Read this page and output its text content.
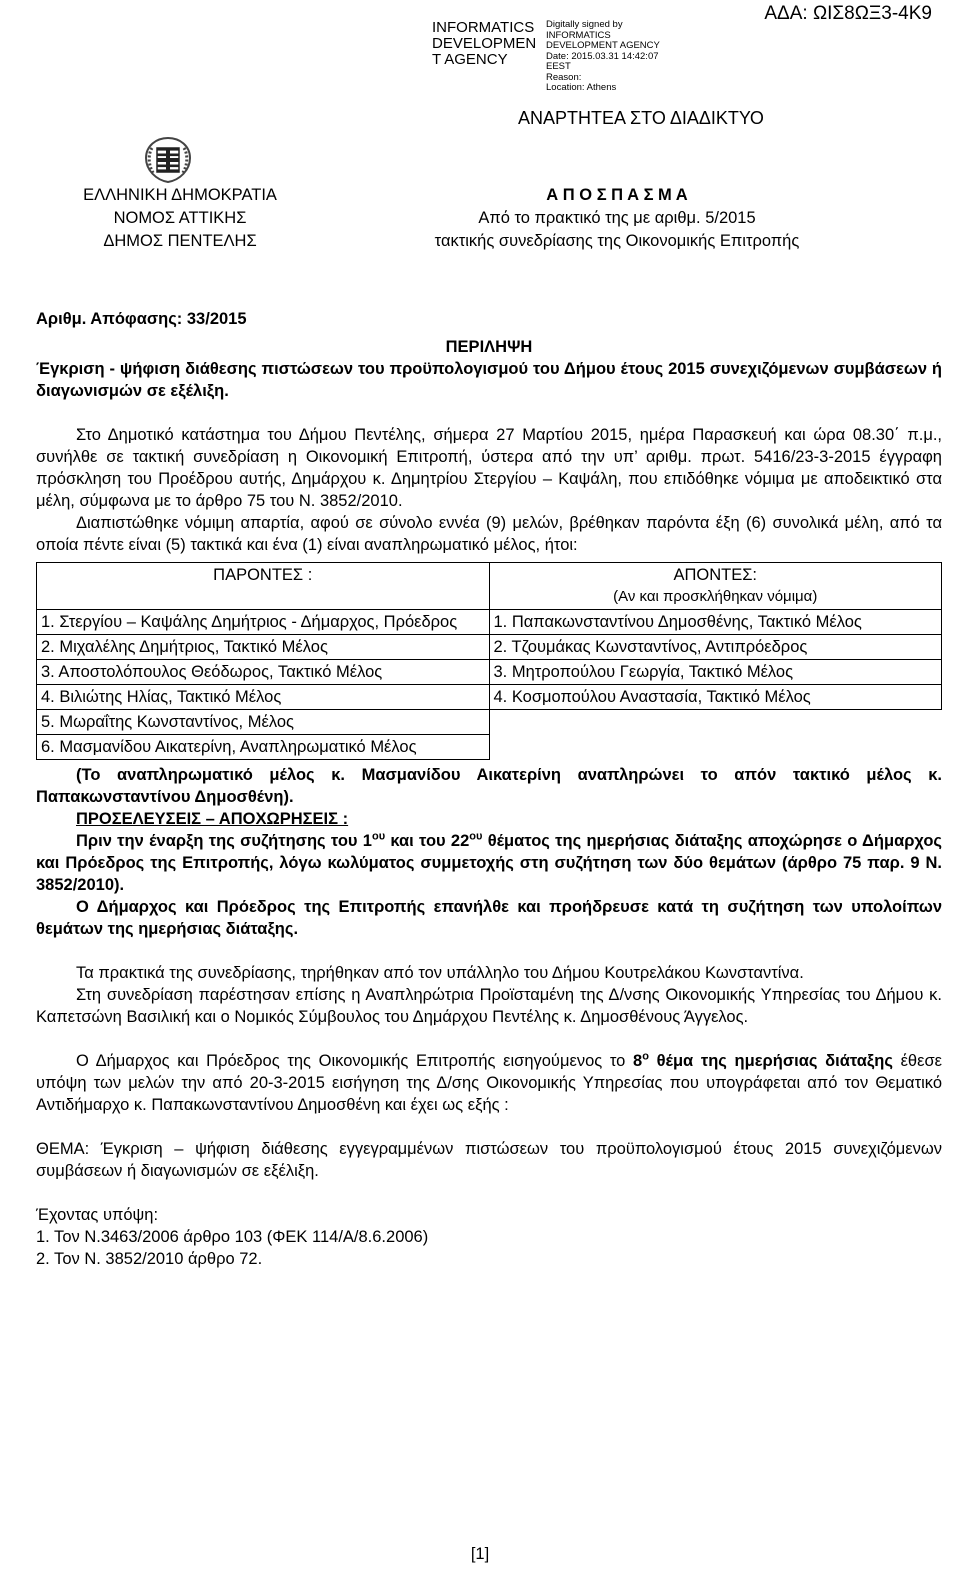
INFORMATICS DEVELOPMEN T AGENCY
Digitally signed by
INFORMATICS
DEVELOPMENT AGENCY
Date: 2015.03.31 14:42:07
EEST
Reason:
Location: Athens
ΑΔΑ: ΩΙΣ8ΩΞ3-4Κ9
ΑΝΑΡΤΗΤΕΑ ΣΤΟ ΔΙΑΔΙΚΤΥΟ
ΕΛΛΗΝΙΚΗ ΔΗΜΟΚΡΑΤΙΑ
ΝΟΜΟΣ ΑΤΤΙΚΗΣ
ΔΗΜΟΣ ΠΕΝΤΕΛΗΣ
Α Π Ο Σ Π Α Σ Μ Α
Από το πρακτικό της με αριθμ. 5/2015
τακτικής συνεδρίασης της Οικονομικής Επιτροπής

Αριθμ. Απόφασης: 33/2015

ΠΕΡΙΛΗΨΗ

Έγκριση - ψήφιση διάθεσης πιστώσεων του προϋπολογισμού του Δήμου έτους 2015 συνεχιζόμενων συμβάσεων ή διαγωνισμών σε εξέλιξη.

Στο Δημοτικό κατάστημα του Δήμου Πεντέλης, σήμερα 27 Μαρτίου 2015, ημέρα Παρασκευή και ώρα 08.30΄ π.μ., συνήλθε σε τακτική συνεδρίαση η Οικονομική Επιτροπή, ύστερα από την υπ’ αριθμ. πρωτ. 5416/23-3-2015 έγγραφη πρόσκληση του Προέδρου αυτής, Δημάρχου κ. Δημητρίου Στεργίου – Καψάλη, που επιδόθηκε νόμιμα με αποδεικτικό στα μέλη, σύμφωνα με το άρθρο 75 του Ν. 3852/2010.

Διαπιστώθηκε νόμιμη απαρτία, αφού σε σύνολο εννέα (9) μελών, βρέθηκαν παρόντα έξη (6) συνολικά μέλη, από τα οποία πέντε είναι (5) τακτικά και ένα (1) είναι αναπληρωματικό μέλος, ήτοι:

ΠΑΡΟΝΤΕΣ :	ΑΠΟΝΤΕΣ:
(Αν και προσκλήθηκαν νόμιμα)

1. Στεργίου – Καψάλης Δημήτριος - Δήμαρχος, Πρόεδρος	1. Παπακωνσταντίνου Δημοσθένης, Τακτικό Μέλος
2. Μιχαλέλης Δημήτριος, Τακτικό Μέλος	2. Τζουμάκας Κωνσταντίνος, Αντιπρόεδρος
3. Αποστολόπουλος Θεόδωρος, Τακτικό Μέλος	3. Μητροπούλου Γεωργία, Τακτικό Μέλος
4. Βιλιώτης Ηλίας, Τακτικό Μέλος	4. Κοσμοπούλου Αναστασία, Τακτικό Μέλος
5. Μωραΐτης Κωνσταντίνος, Μέλος	
6. Μασμανίδου Αικατερίνη, Αναπληρωματικό Μέλος	

(Το αναπληρωματικό μέλος κ. Μασμανίδου Αικατερίνη αναπληρώνει το απόν τακτικό μέλος κ. Παπακωνσταντίνου Δημοσθένη).

ΠΡΟΣΕΛΕΥΣΕΙΣ – ΑΠΟΧΩΡΗΣΕΙΣ :

Πριν την έναρξη της συζήτησης του $1^{o\upsilon}$ και του $22^{o\upsilon}$ θέματος της ημερήσιας διάταξης αποχώρησε ο Δήμαρχος και Πρόεδρος της Επιτροπής, λόγω κωλύματος συμμετοχής στη συζήτηση των δύο θεμάτων (άρθρο 75 παρ. 9 Ν. 3852/2010).

Ο Δήμαρχος και Πρόεδρος της Επιτροπής επανήλθε και προήδρευσε κατά τη συζήτηση των υπολοίπων θεμάτων της ημερήσιας διάταξης.

Τα πρακτικά της συνεδρίασης, τηρήθηκαν από τον υπάλληλο του Δήμου Κουτρελάκου Κωνσταντίνα.

Στη συνεδρίαση παρέστησαν επίσης η Αναπληρώτρια Προϊσταμένη της Δ/νσης Οικονομικής Υπηρεσίας του Δήμου κ. Καπετσώνη Βασιλική και ο Νομικός Σύμβουλος του Δημάρχου Πεντέλης κ. Δημοσθένους Άγγελος.

Ο Δήμαρχος και Πρόεδρος της Οικονομικής Επιτροπής εισηγούμενος το $8^o$ θέμα της ημερήσιας διάταξης έθεσε υπόψη των μελών την από 20-3-2015 εισήγηση της Δ/σης Οικονομικής Υπηρεσίας που υπογράφεται από τον Θεματικό Αντιδήμαρχο κ. Παπακωνσταντίνου Δημοσθένη και έχει ως εξής :

ΘΕΜΑ: Έγκριση – ψήφιση διάθεσης εγγεγραμμένων πιστώσεων του προϋπολογισμού έτους 2015 συνεχιζόμενων συμβάσεων ή διαγωνισμών σε εξέλιξη.

Έχοντας υπόψη:

1. Τον Ν.3463/2006 άρθρο 103 (ΦΕΚ 114/Α/8.6.2006)

2. Τον Ν. 3852/2010 άρθρο 72.

[1]
